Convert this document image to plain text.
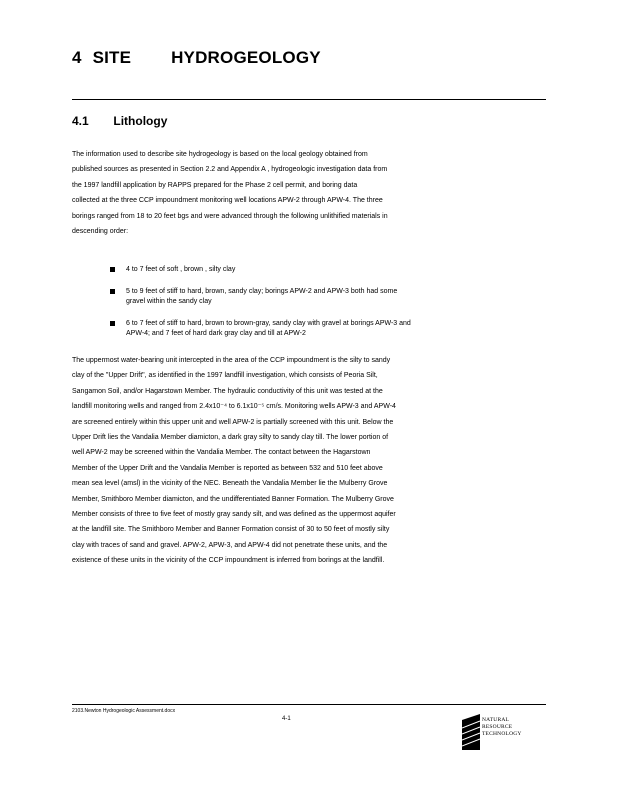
4 SITE HYDROGEOLOGY
4.1 Lithology

The information used to describe site hydrogeology is based on the local geology obtained from

published sources as presented in Section 2.2 and Appendix A , hydrogeologic investigation data from

the 1997 landfill application by RAPPS prepared for the Phase 2 cell permit, and boring data

collected at the three CCP impoundment monitoring well locations APW-2 through APW-4. The three

borings ranged from 18 to 20 feet bgs and were advanced through the following unlithified materials in

descending order:

4 to 7 feet of soft , brown , silty clay

5 to 9 feet of stiff to hard, brown, sandy clay; borings APW-2 and APW-3 both had some

gravel within the sandy clay

6 to 7 feet of stiff to hard, brown to brown-gray, sandy clay with gravel at borings APW-3 and

APW-4; and 7 feet of hard dark gray clay and till at APW-2

The uppermost water-bearing unit intercepted in the area of the CCP impoundment is the silty to sandy

clay of the "Upper Drift", as identified in the 1997 landfill investigation, which consists of Peoria Silt,

Sangamon Soil, and/or Hagarstown Member. The hydraulic conductivity of this unit was tested at the

landfill monitoring wells and ranged from 2.4x10⁻⁴ to 6.1x10⁻⁵ cm/s. Monitoring wells APW-3 and APW-4

are screened entirely within this upper unit and well APW-2 is partially screened with this unit. Below the

Upper Drift lies the Vandalia Member diamicton, a dark gray silty to sandy clay till. The lower portion of

well APW-2 may be screened within the Vandalia Member. The contact between the Hagarstown

Member of the Upper Drift and the Vandalia Member is reported as between 532 and 510 feet above

mean sea level (amsl) in the vicinity of the NEC. Beneath the Vandalia Member lie the Mulberry Grove

Member, Smithboro Member diamicton, and the undifferentiated Banner Formation. The Mulberry Grove

Member consists of three to five feet of mostly gray sandy silt, and was defined as the uppermost aquifer

at the landfill site. The Smithboro Member and Banner Formation consist of 30 to 50 feet of mostly silty

clay with traces of sand and gravel. APW-2, APW-3, and APW-4 did not penetrate these units, and the

existence of these units in the vicinity of the CCP impoundment is inferred from borings at the landfill.

2103.Newton Hydrogeologic Assessment.docx
4-1	NATURAL
RESOURCE
TECHNOLOGY
